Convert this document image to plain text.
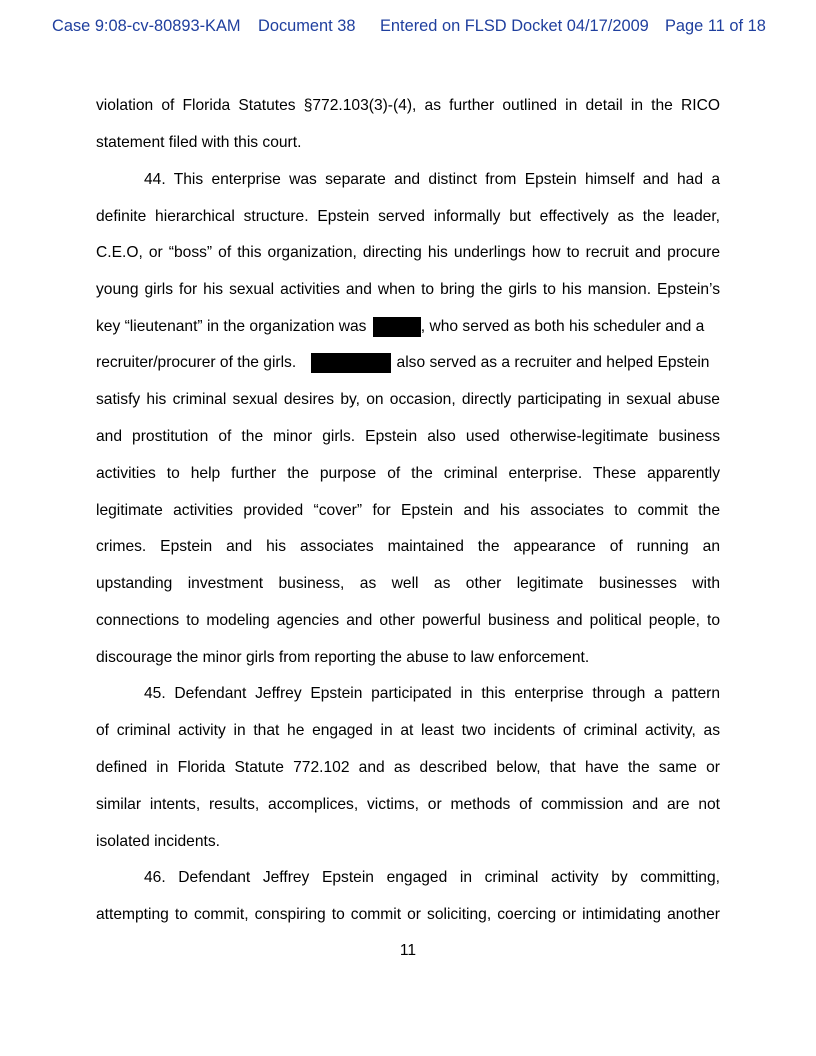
Case 9:08-cv-80893-KAM Document 38 Entered on FLSD Docket 04/17/2009 Page 11 of 18
violation of Florida Statutes §772.103(3)-(4), as further outlined in detail in the RICO
statement filed with this court.
44. This enterprise was separate and distinct from Epstein himself and had a
definite hierarchical structure. Epstein served informally but effectively as the leader,
C.E.O, or “boss” of this organization, directing his underlings how to recruit and procure
young girls for his sexual activities and when to bring the girls to his mansion. Epstein’s
key “lieutenant” in the organization was	, who served as both his scheduler and a
recruiter/procurer of the girls.	also served as a recruiter and helped Epstein
satisfy his criminal sexual desires by, on occasion, directly participating in sexual abuse
and prostitution of the minor girls. Epstein also used otherwise-legitimate business
activities to help further the purpose of the criminal enterprise. These apparently
legitimate activities provided “cover” for Epstein and his associates to commit the
crimes. Epstein and his associates maintained the appearance of running an
upstanding investment business, as well as other legitimate businesses with
connections to modeling agencies and other powerful business and political people, to
discourage the minor girls from reporting the abuse to law enforcement.
45. Defendant Jeffrey Epstein participated in this enterprise through a pattern
of criminal activity in that he engaged in at least two incidents of criminal activity, as
defined in Florida Statute 772.102 and as described below, that have the same or
similar intents, results, accomplices, victims, or methods of commission and are not
isolated incidents.
46. Defendant Jeffrey Epstein engaged in criminal activity by committing,
attempting to commit, conspiring to commit or soliciting, coercing or intimidating another
11
